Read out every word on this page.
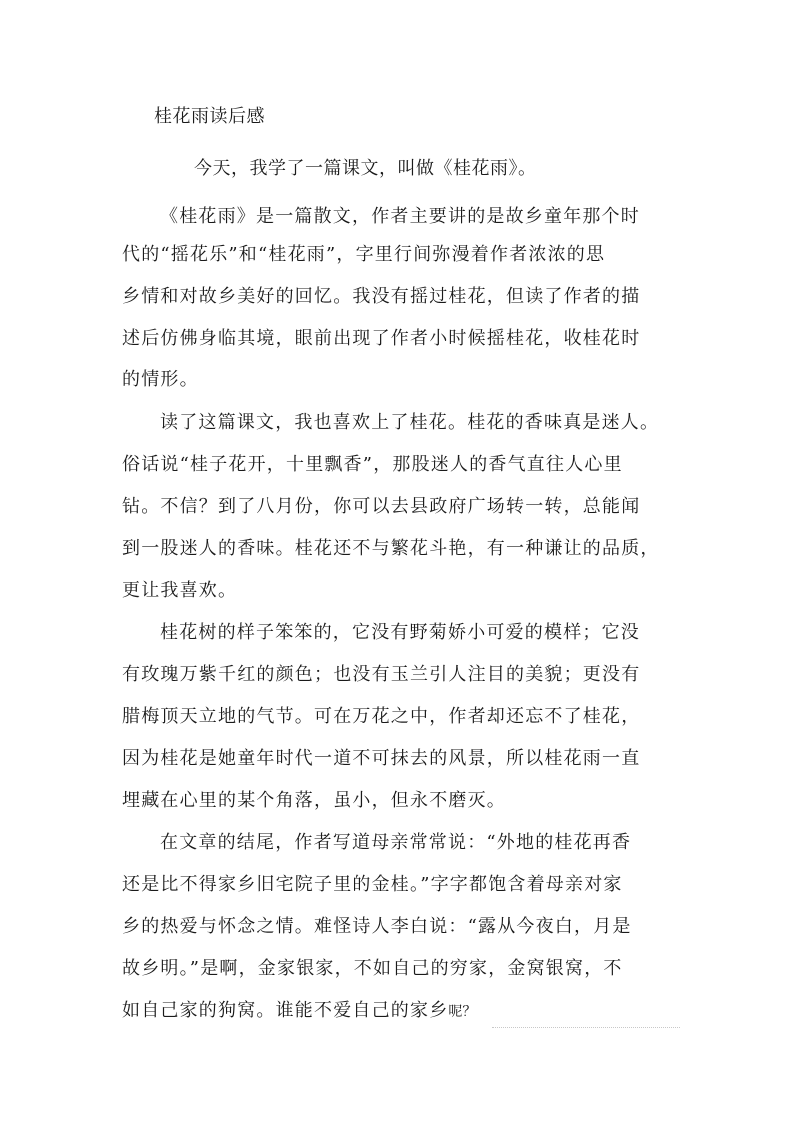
桂花雨读后感
今天，我学了一篇课文，叫做《桂花雨》。
《桂花雨》是一篇散文，作者主要讲的是故乡童年那个时
代的“摇花乐”和“桂花雨”，字里行间弥漫着作者浓浓的思
乡情和对故乡美好的回忆。我没有摇过桂花，但读了作者的描
述后仿佛身临其境，眼前出现了作者小时候摇桂花，收桂花时
的情形。
读了这篇课文，我也喜欢上了桂花。桂花的香味真是迷人。
俗话说“桂子花开，十里飘香”，那股迷人的香气直往人心里
钻。不信？到了八月份，你可以去县政府广场转一转，总能闻
到一股迷人的香味。桂花还不与繁花斗艳，有一种谦让的品质，
更让我喜欢。
桂花树的样子笨笨的，它没有野菊娇小可爱的模样；它没
有玫瑰万紫千红的颜色；也没有玉兰引人注目的美貌；更没有
腊梅顶天立地的气节。可在万花之中，作者却还忘不了桂花，
因为桂花是她童年时代一道不可抹去的风景，所以桂花雨一直
埋藏在心里的某个角落，虽小，但永不磨灭。
在文章的结尾，作者写道母亲常常说：“外地的桂花再香
还是比不得家乡旧宅院子里的金桂。”字字都饱含着母亲对家
乡的热爱与怀念之情。难怪诗人李白说：“露从今夜白，月是
故乡明。”是啊，金家银家，不如自己的穷家，金窝银窝，不
如自己家的狗窝。谁能不爱自己的家乡呢？
